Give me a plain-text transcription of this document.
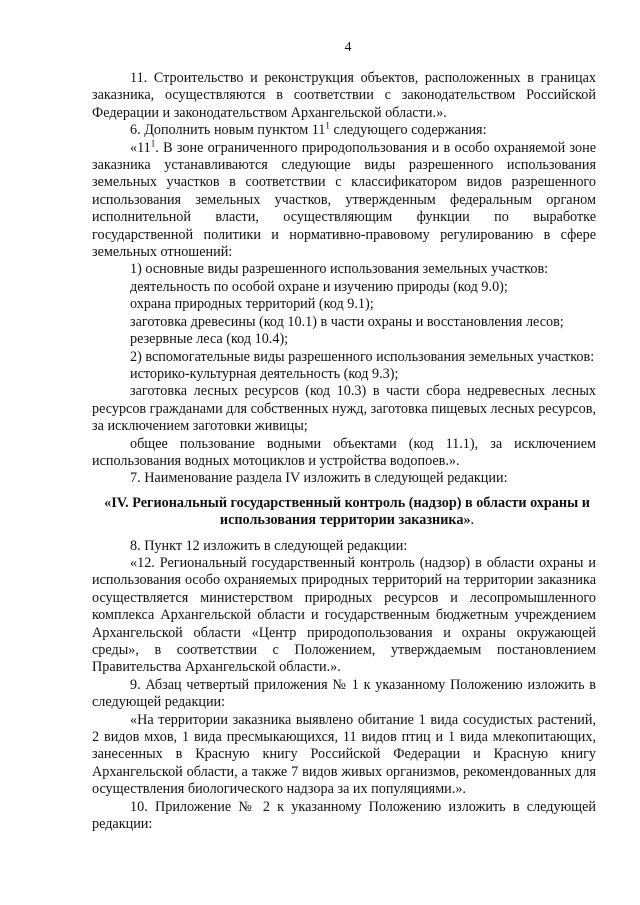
4

11. Строительство и реконструкция объектов, расположенных в границах заказника, осуществляются в соответствии с законодательством Российской Федерации и законодательством Архангельской области.».

6. Дополнить новым пунктом $11^1$ следующего содержания:

«$11^1$. В зоне ограниченного природопользования и в особо охраняемой зоне заказника устанавливаются следующие виды разрешенного использования земельных участков в соответствии с классификатором видов разрешенного использования земельных участков, утвержденным федеральным органом исполнительной власти, осуществляющим функции по выработке государственной политики и нормативно-правовому регулированию в сфере земельных отношений:

1) основные виды разрешенного использования земельных участков:

деятельность по особой охране и изучению природы (код 9.0);

охрана природных территорий (код 9.1);

заготовка древесины (код 10.1) в части охраны и восстановления лесов;

резервные леса (код 10.4);

2) вспомогательные виды разрешенного использования земельных участков:

историко-культурная деятельность (код 9.3);

заготовка лесных ресурсов (код 10.3) в части сбора недревесных лесных ресурсов гражданами для собственных нужд, заготовка пищевых лесных ресурсов, за исключением заготовки живицы;

общее пользование водными объектами (код 11.1), за исключением использования водных мотоциклов и устройства водопоев.».

7. Наименование раздела IV изложить в следующей редакции:

«IV. Региональный государственный контроль (надзор) в области охраны и использования территории заказника».

8. Пункт 12 изложить в следующей редакции:

«12. Региональный государственный контроль (надзор) в области охраны и использования особо охраняемых природных территорий на территории заказника осуществляется министерством природных ресурсов и лесопромышленного комплекса Архангельской области и государственным бюджетным учреждением Архангельской области «Центр природопользования и охраны окружающей среды», в соответствии с Положением, утверждаемым постановлением Правительства Архангельской области.».

9. Абзац четвертый приложения № 1 к указанному Положению изложить в следующей редакции:

«На территории заказника выявлено обитание 1 вида сосудистых растений, 2 видов мхов, 1 вида пресмыкающихся, 11 видов птиц и 1 вида млекопитающих, занесенных в Красную книгу Российской Федерации и Красную книгу Архангельской области, а также 7 видов живых организмов, рекомендованных для осуществления биологического надзора за их популяциями.».

10. Приложение № 2 к указанному Положению изложить в следующей редакции:
